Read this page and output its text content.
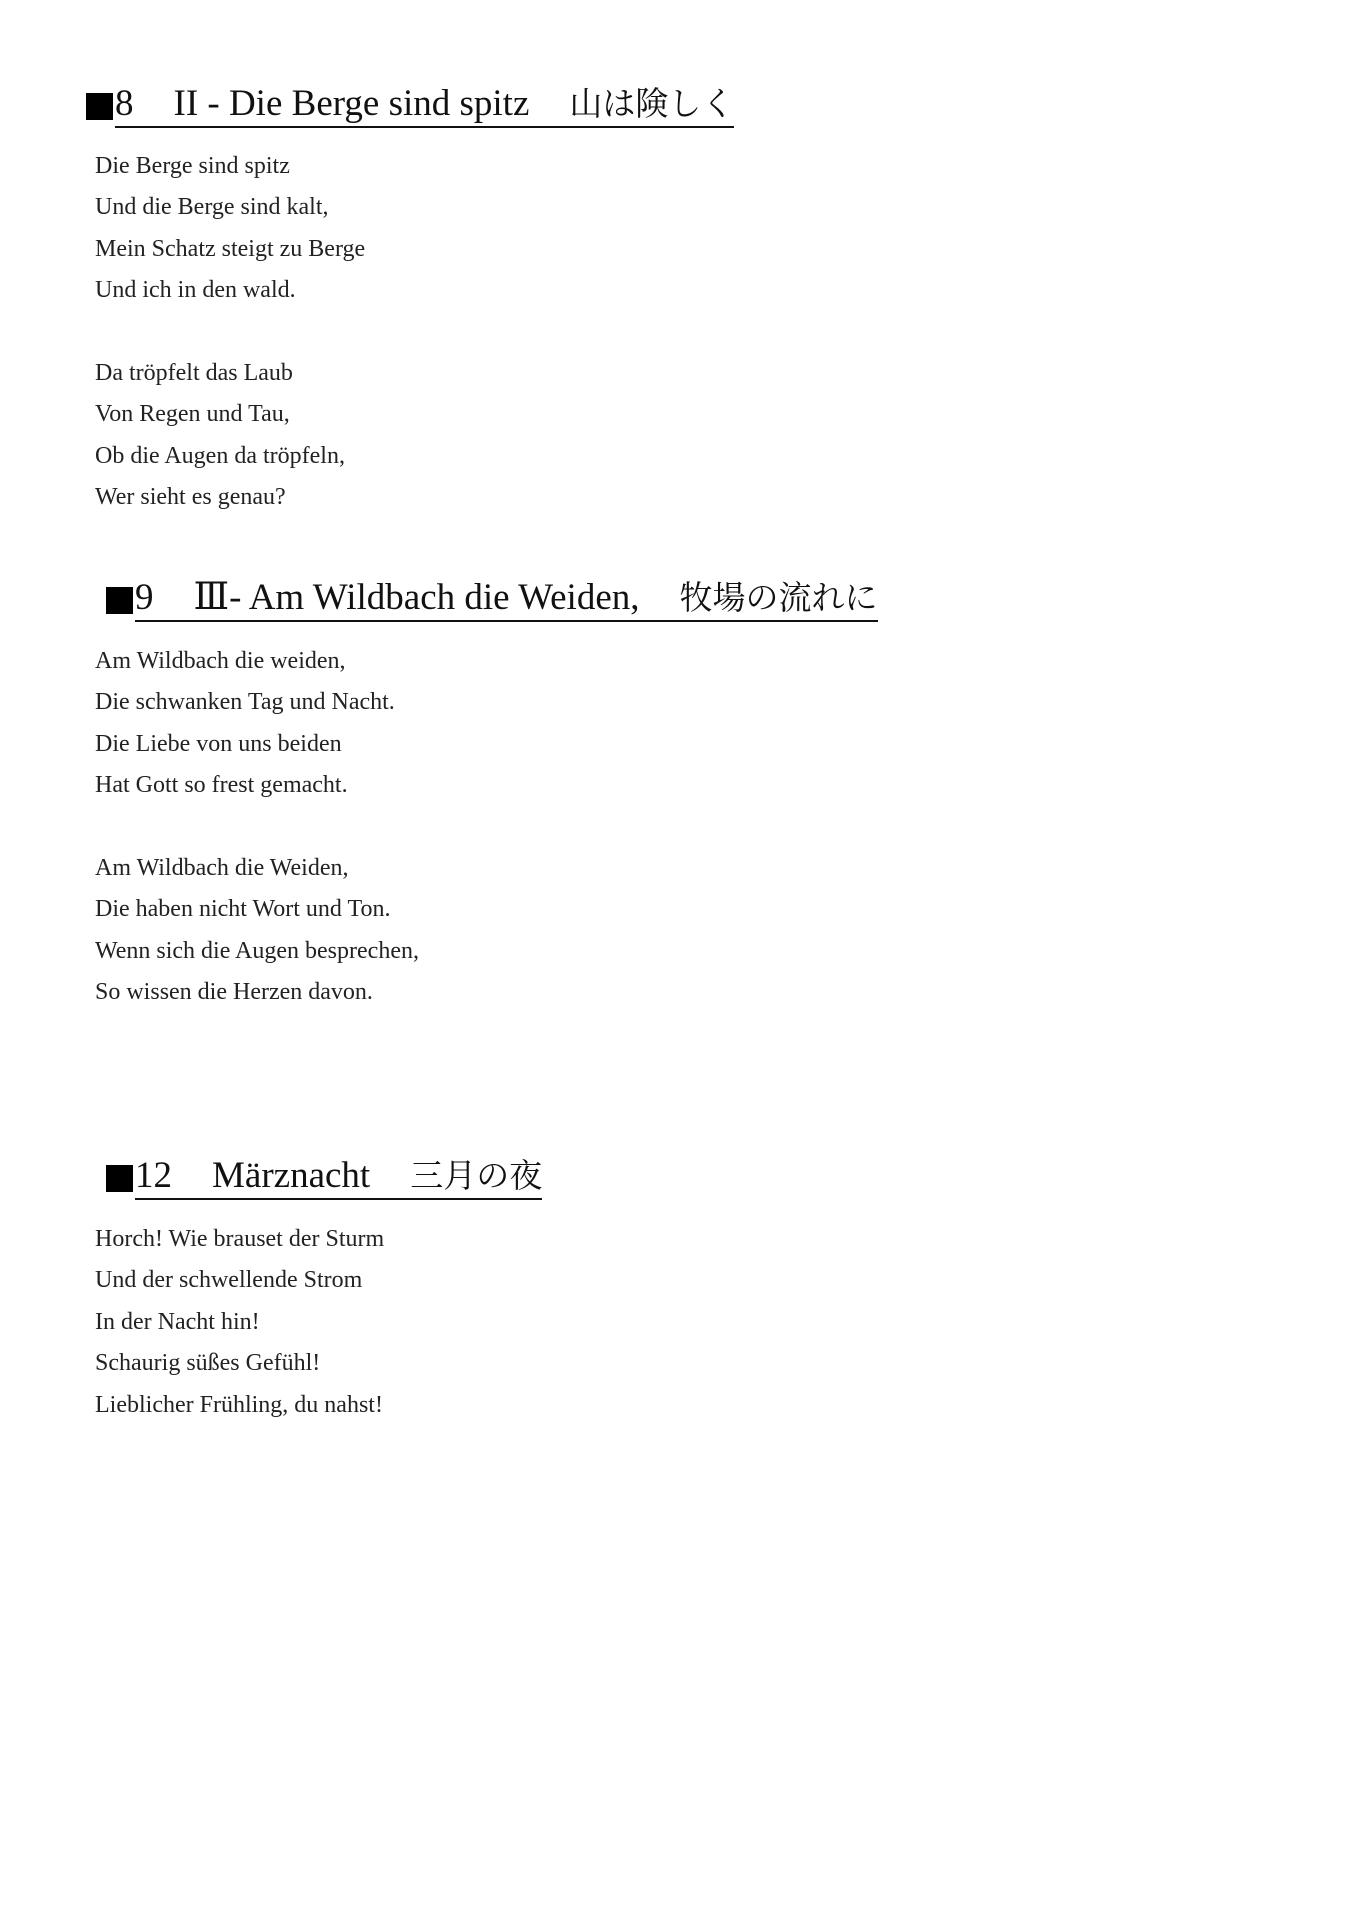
8 II - Die Berge sind spitz 山は険しく
Die Berge sind spitz
Und die Berge sind kalt,
Mein Schatz steigt zu Berge
Und ich in den wald.
Da tröpfelt das Laub
Von Regen und Tau,
Ob die Augen da tröpfeln,
Wer sieht es genau?
9 Ⅲ- Am Wildbach die Weiden, 牧場の流れに
Am Wildbach die weiden,
Die schwanken Tag und Nacht.
Die Liebe von uns beiden
Hat Gott so frest gemacht.
Am Wildbach die Weiden,
Die haben nicht Wort und Ton.
Wenn sich die Augen besprechen,
So wissen die Herzen davon.
12 Märznacht 三月の夜
Horch! Wie brauset der Sturm
Und der schwellende Strom
In der Nacht hin!
Schaurig süßes Gefühl!
Lieblicher Frühling, du nahst!
